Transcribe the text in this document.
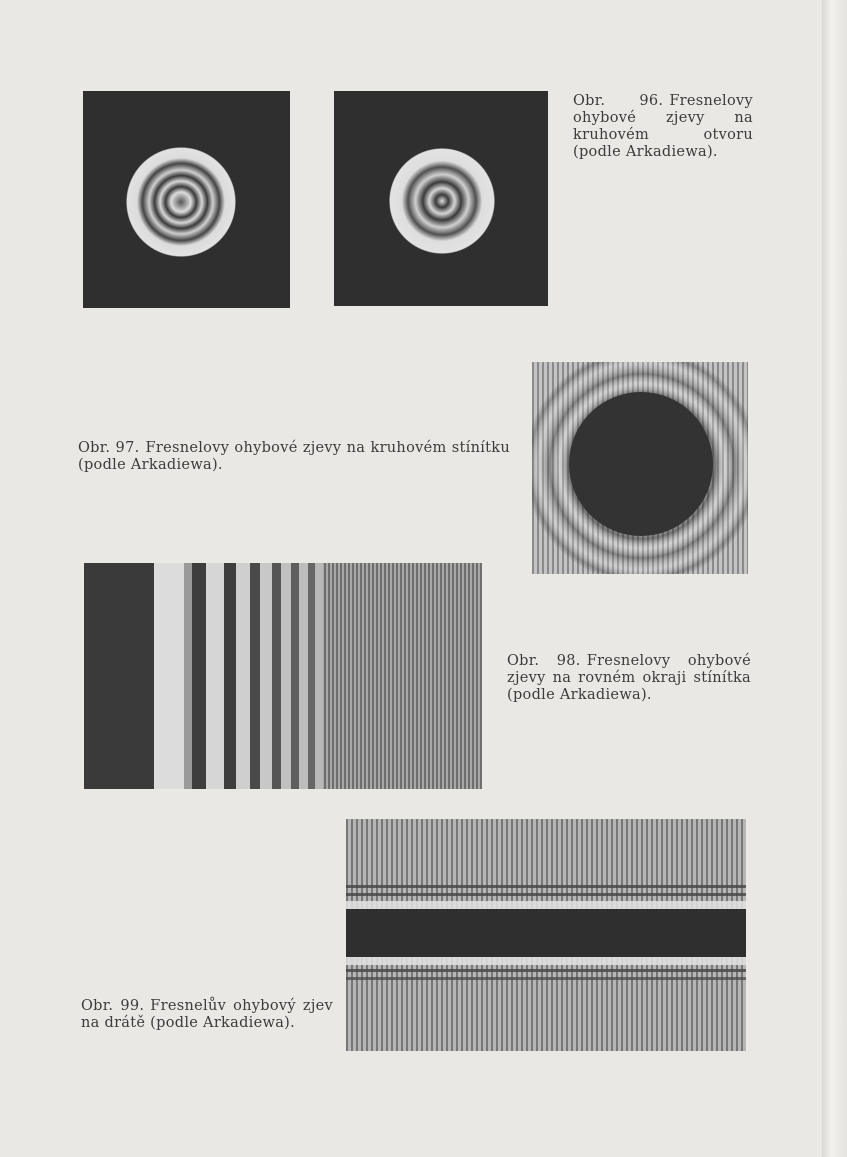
Obr. 96. Fresnelovy ohybové zjevy na kruhovém otvoru (podle Arkadiewa).

Obr. 97. Fresnelovy ohybové zjevy na kruhovém stínítku (podle Arkadiewa).

Obr. 98. Fresnelovy ohybové zjevy na rovném okraji stínítka (podle Arkadiewa).

Obr. 99. Fresnelův ohybový zjev na drátě (podle Arkadiewa).
